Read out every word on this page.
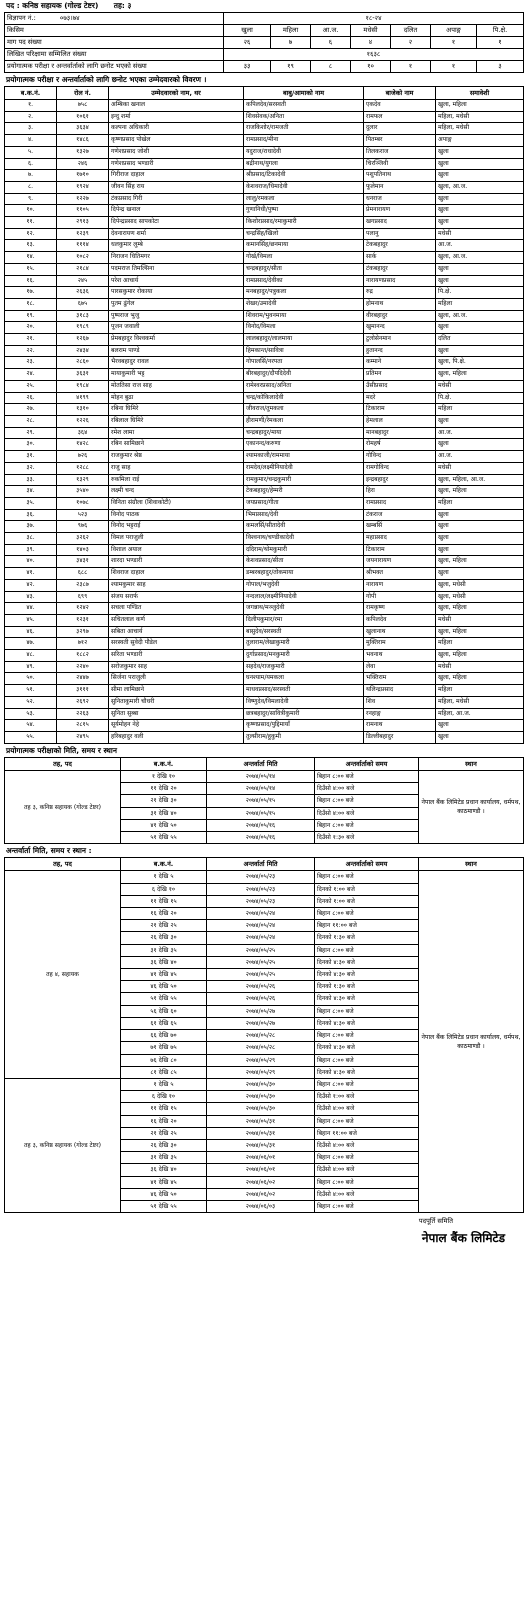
पद : कनिष्ठ सहायक (गोल्ड टेष्टर) तह: ३
विज्ञापन नं.: ०७३।७४	१८-२४						
किसिम	खुला	महिला	आ.ज.	मधेसी	दलित	अपाङ्ग	पि.क्षे.
माग पद संख्या	२६	७	६	४	२	१	१
लिखित परिक्षामा सम्मिलित संख्या	१६३८						
प्रयोगात्मक परीक्षा र अन्तर्वार्ताको लागि छनोट भएको संख्या	३३	१९	८	१०	१	१	३
प्रयोगात्मक परीक्षा र अन्तर्वार्ताको लागि छनोट भएका उम्मेदवारको विवरण ।
ब.क.नं.	रोल नं.	उम्मेदवारको नाम, थर	बाबु/आमाको नाम	बाजेको नाम	समावेशी
१.	७५८	अम्बिका खनाल	कपिलदेव/सरस्वती	एकदेव	खुला, महिला
२.	१०६१	इन्दु शर्मा	शिवसेवक/अनिता	रामफल	महिला, मधेसी
३.	३६३४	कल्पना अधिकारी	राजकिशोर/रामजती	दुलार	महिला, मधेसी
४.	१४८६	कृष्णप्रसाद पोखेल	रामप्रसाद/मीना	पितम्बर	अपाङ्ग
५.	१३२७	गणेशप्रसाद जोशी	यदुराज/राधादेवी	तिलकराज	खुला
६.	२४६	गणेशप्रसाद भण्डारी	बद्रीनाथ/युगला	चिरञ्जिवी	खुला
७.	१७१०	गिरीराज दाहाल	श्रीप्रसाद/टिकादेवी	पशुपतिनाथ	खुला
८.	१९२४	जीवन सिंह राय	केशवराज/धिमादेवी	फूलेमान	खुला, आ.ज.
९.	१२२७	टंकप्रसाद गिरी	लालु/रमकला	धनराज	खुला
१०.	११०५	दिपेन्द्र खनाल	गुणानिधी/पुष्पा	प्रेमनारायण	खुला
११.	२९१३	दिपेन्द्रप्रसाद सापकोटा	किशोरप्रसाद/रमाकुमारी	खगप्रसाद	खुला
१२.	१२३९	देवनारायण शर्मा	चन्द्रसिंह/खिलो	पलानु	मधेसी
१३.	१११४	धलकुमार लुम्बे	कमानसिंह/छनमाया	टेकबहादुर	आ.ज.
१४.	१०८२	निराजन धितिमगर	गोर्ख/विमला	सार्क	खुला, आ.ज.
१५.	२१८४	पदमराज तिमल्सिना	चन्द्रबहादुर/सीता	टंकबहादुर	खुला
१६.	२४५	परेश आचार्य	रामप्रसाद/देवीका	नारायणप्रसाद	खुला
१७.	२६३६	पारसकुमार रोकाया	मनबहादुर/पत्रुकला	रुद्र	पि.क्षे.
१८.	६७५	पुतम ढुंगेल	शेखर/उमादेवी	होमनाथ	महिला
१९.	३१८३	पुष्पराज भुजु	शिवराम/भुवनमाया	वीरबहादुर	खुला, आ.ज.
२०.	१९८९	पूजन जवाली	विनोद/विमला	खुमानन्द	खुला
२१.	१२६७	प्रेमबहादुर विश्वकर्मा	लालबहादुर/लालमाया	टुलोसेनमान	दलित
२२.	२४३४	बलराम पाण्डे	हिमकान्त/सावित्रा	हुतानन्द	खुला
२३.	२८६०	भैरवबहादुर रावल	गोपालसिं/नरपता	कम्माने	खुला, पि.क्षे.
२४.	३६३१	मायाकुमारी भट्ट	बीरबहादुर/दौपदिदेवी	प्रतिमन	खुला, महिला
२५.	१९८४	मोततिसा राज साह	रामेश्वरप्रसाद/अनिता	उँसीप्रसाद	मधेसी
२६.	४१९९	मोहन बुढा	चन्द्र/कोकिलादेवी	मदरे	पि.क्षे.
२७.	१३१०	रबिना घिमिरे	जीवराज/तुमकला	टिकाराम	महिला
२८.	१२२६	रबिलाल घिमिरे	हीरामणी/रेमकला	हेमलाल	खुला
२९.	३६४	रमेश लामा	चन्द्रबहादुर/माया	मानबहादुर	आ.ज.
३०.	१४२८	रबिन सामिछाने	एकानन्द/करुणा	रोमहर्ष	खुला
३१.	७२६	राजकुमार श्रेष्ठ	श्यामकाजी/राममाया	गोविन्द	आ.ज.
३२.	१२८८	राजु साह	रामदेव/लक्ष्मीनियादेवी	रामगोविन्द	मधेसी
३३.	१३२९	रुकमिला राई	रामकुमार/चन्द्रकुमारी	इन्द्रबहादुर	खुला, महिला, आ.ज.
३४.	३५४०	लक्ष्मी चन्द	टेकबहादुर/हेम्मरी	हिरा	खुला, महिला
३५.	१०७८	विनिता संग्रौला (शिवाकोटी)	जयप्रसाद/गीता	रामप्रसाद	महिला
३६.	५२३	विनोद पाठक	भिमप्रसाद/देवी	टंकराज	खुला
३७.	९७६	विनोद भट्टराई	कमलसिं/सीतादेवी	खम्बसिं	खुला
३८.	३२६२	विमल पराजुली	विश्वनाथ/चण्डीकादेवी	महाप्रसाद	खुला
३९.	१४०३	विशाल अयाल	ददिराम/थोमकुमारी	टिकाराम	खुला
४०.	३४३१	शारदा भण्डारी	केशवप्रसाद/सीता	जयनारायण	खुला, महिला
४१.	६८८	शिवराज दाहाल	डम्बरबहादुर/तोकमाया	श्रीभक्त	खुला
४२.	२३८७	श्यामकुमार साह	गोपाल/भजुदेवी	नारायण	खुला, मधेसी
४३.	६९९	संजय सरार्फ	नन्दलाल/लक्ष्मीनियादेवी	गोपी	खुला, मधेसी
४४.	१२४२	सचला पण्डित	जगन्नाथ/मञ्जुदेवी	रामकृष्ण	खुला, महिला
४५.	१२३१	सचितलाल कर्ण	दिलीपकुमार/रमा	कपिलदेव	मधेसी
४६.	३२९७	सबिता आचार्य	बासुदेव/सरस्वती	खुलानाथ	खुला, महिला
४७.	७१२	सरस्वती सुवेदी पौडेल	तुलाराम/लेखाकुमारी	मुक्तिराम	महिला
४८.	१८८२	सरिता भण्डारी	दुर्गाप्रसाद/मनकुमारी	भवनाथ	खुला, महिला
४९.	२२४०	सरोजकुमार साह	सहदेव/राजकुमारी	लेवा	मधेसी
५०.	२४४७	सिर्जना पराजुली	घनश्याम/यमकला	भक्तिराम	खुला, महिला
५१.	३१११	सीमा लामिछाने	माधवप्रसाद/सरस्वती	थलिन्द्रप्रसाद	महिला
५२.	२६९२	सुनिताकुमारी चौधरी	विष्णुदेव/विमलादेवी	शिव	महिला, मधेसी
५३.	२२६३	सुनिता सुब्बा	छत्रबहादुर/सावित्रीकुमारी	रनहाङ्ग	महिला, आ.ज.
५४.	२८१५	सूर्यमोहन नेहे	कृष्णप्रसाद/पुद्दिमायाँ	रामनाथ	खुला
५५.	२४९५	हरिबहादुर वली	तुल्सीराम/हुकुमी	डिल्लीबहादुर	खुला
प्रयोगात्मक परीक्षाको मिति, समय र स्थान
तह, पद	ब.क.नं.	अन्तर्वार्ता मिति	अन्तर्वार्ताको समय	स्थान
तह ३, कनिष्ठ सहायक (गोल्ड टेष्टर)	१ देखि १०	२०७४/०५/१४	बिहान ८:०० बजे	नेपाल बैंक लिमिटेड प्रधान कार्यालय, धर्मपथ, काठमाण्डौ ।
	११ देखि २०	२०७४/०५/१४	दिउँसो ४:०० बजे	
	२१ देखि ३०	२०७४/०५/१५	बिहान ८:०० बजे	
	३१ देखि ४०	२०७४/०५/१५	दिउँसो ४:०० बजे	
	४१ देखि ५०	२०७४/०५/१६	बिहान ८:०० बजे	
	५१ देखि ५५	२०७४/०५/१६	दिउँसो १:३० बजे	
अन्तर्वार्ता मिति, समय र स्थान :
तह, पद	ब.क.नं.	अन्तर्वार्ता मिति	अन्तर्वार्ताको समय	स्थान
तह ४, सहायक	१ देखि ५	२०७४/०५/२३	बिहान ८:०० बजे	नेपाल बैंक लिमिटेड प्रधान कार्यालय, धर्मपथ, काठमाण्डौ ।
	६ देखि १०	२०७४/०५/२३	दिनको १:०० बजे	
	११ देखि १५	२०७४/०५/२३	दिनको १:०० बजे	
	१६ देखि २०	२०७४/०५/२४	बिहान ८:०० बजे	
	२१ देखि २५	२०७४/०५/२४	बिहान ११:०० बजे	
	२६ देखि ३०	२०७४/०५/२४	दिनको १:३० बजे	
	३१ देखि ३५	२०७४/०५/२५	बिहान ८:०० बजे	
	३६ देखि ४०	२०७४/०५/२५	दिनको ४:३० बजे	
	४१ देखि ४५	२०७४/०५/२५	दिनको ४:३० बजे	
	४६ देखि ५०	२०७४/०५/२६	दिनको १:३० बजे	
	५१ देखि ५५	२०७४/०५/२६	दिनको ४:३० बजे	
	५६ देखि ६०	२०७४/०५/२७	बिहान ८:०० बजे	
	६१ देखि ६५	२०७४/०५/२७	दिनको ४:३० बजे	
	६६ देखि ७०	२०७४/०५/२८	बिहान ८:०० बजे	
	७१ देखि ७५	२०७४/०५/२८	दिनको ४:३० बजे	
	७६ देखि ८०	२०७४/०५/२९	बिहान ८:०० बजे	
	८१ देखि ८५	२०७४/०५/२९	दिनको ४:३० बजे	
तह ३, कनिष्ठ सहायक (गोल्ड टेष्टर)	१ देखि ५	२०७४/०५/३०	बिहान ८:०० बजे	
	६ देखि १०	२०७४/०५/३०	दिउँसो १:०० बजे	
	११ देखि १५	२०७४/०५/३०	दिउँसो ४:०० बजे	
	१६ देखि २०	२०७४/०५/३१	बिहान ८:०० बजे	
	२१ देखि २५	२०७४/०५/३१	बिहान ११:०० बजे	
	२६ देखि ३०	२०७४/०५/३१	दिउँसो ४:०० बजे	
	३१ देखि ३५	२०७४/०६/०१	बिहान ८:०० बजे	
	३६ देखि ४०	२०७४/०६/०१	दिउँसो ४:०० बजे	
	४१ देखि ४५	२०७४/०६/०२	बिहान ८:०० बजे	
	४६ देखि ५०	२०७४/०६/०२	दिउँसो ४:०० बजे	
	५१ देखि ५५	२०७४/०६/०३	बिहान ८:०० बजे	
पदपूर्ति समिति
नेपाल बैंक लिमिटेड
